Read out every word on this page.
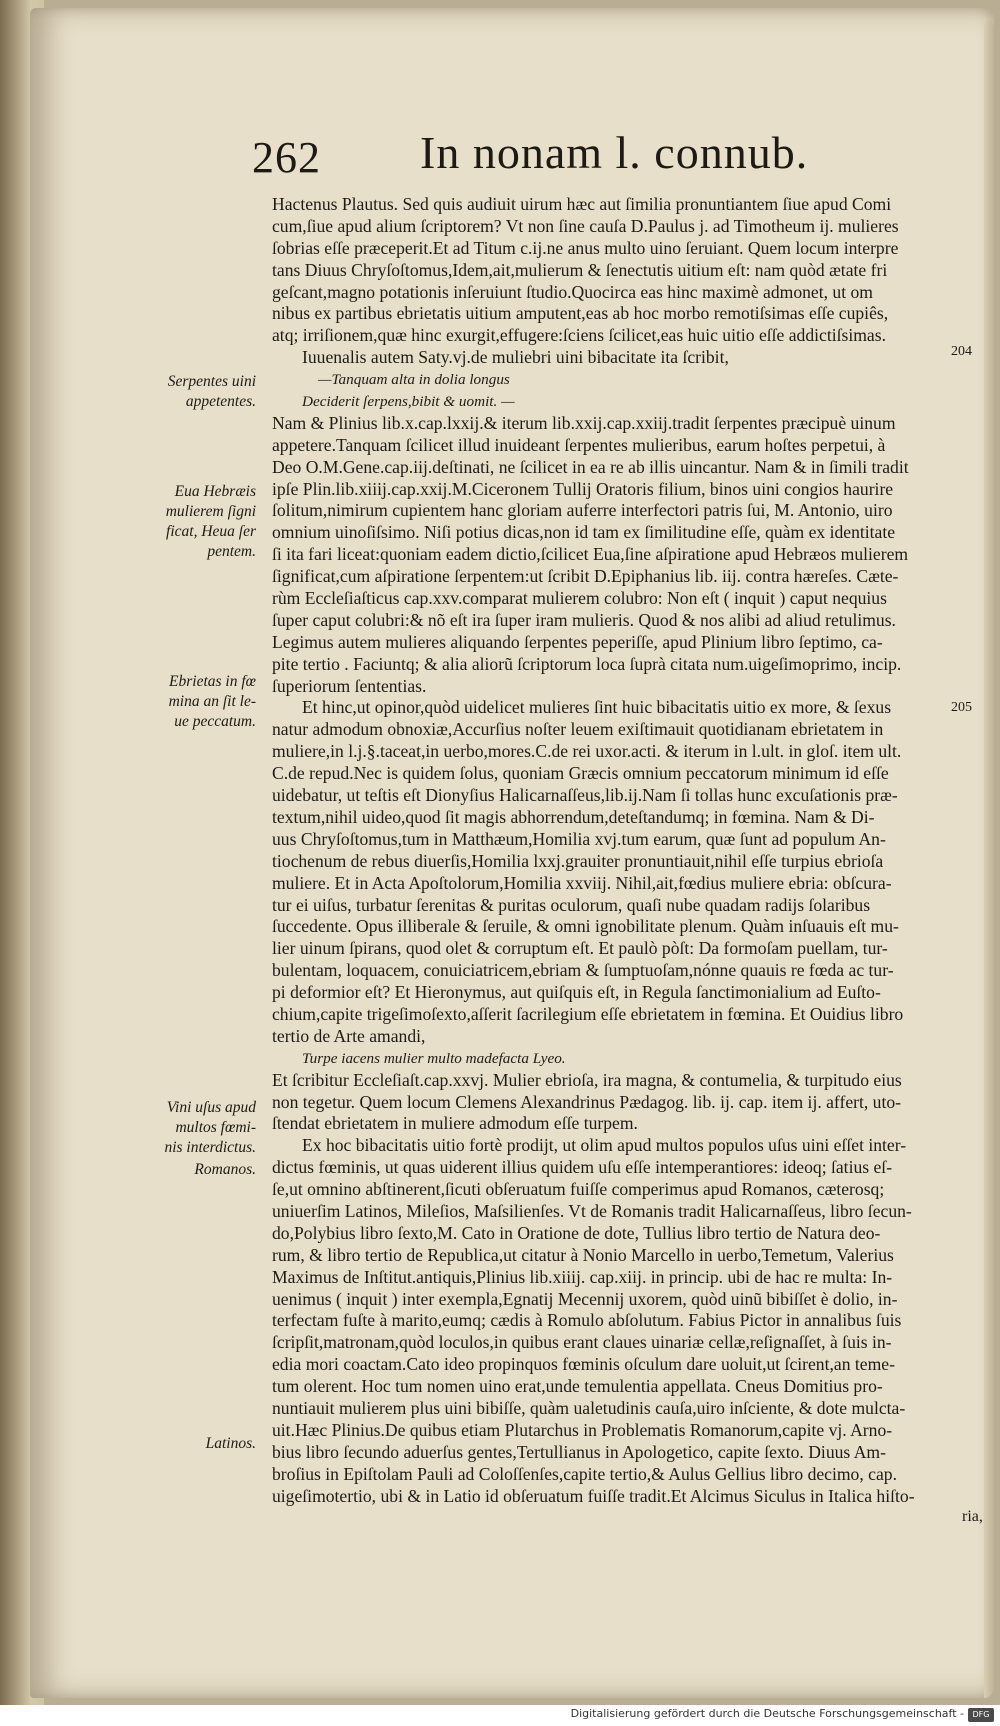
262 In nonam l. connub.
Hactenus Plautus. Sed quis audiuit uirum hæc aut ſimilia pronuntiantem ſiue apud Comi
cum,ſiue apud alium ſcriptorem? Vt non ſine cauſa D.Paulus j. ad Timotheum ij. mulieres
ſobrias eſſe præceperit.Et ad Titum c.ij.ne anus multo uino ſeruiant. Quem locum interpre
tans Diuus Chryſoſtomus,Idem,ait,mulierum & ſenectutis uitium eſt: nam quòd ætate fri
geſcant,magno potationis inſeruiunt ſtudio.Quocirca eas hinc maximè admonet, ut om
nibus ex partibus ebrietatis uitium amputent,eas ab hoc morbo remotiſsimas eſſe cupiês,
atq; irriſionem,quæ hinc exurgit,effugere:ſciens ſcilicet,eas huic uitio eſſe addictiſsimas.
Iuuenalis autem Saty.vj.de muliebri uini bibacitate ita ſcribit,
—Tanquam alta in dolia longus
Deciderit ſerpens,bibit & uomit. —
Nam & Plinius lib.x.cap.lxxij.& iterum lib.xxij.cap.xxiij.tradit ſerpentes præcipuè uinum
appetere.Tanquam ſcilicet illud inuideant ſerpentes mulieribus, earum hoſtes perpetui, à
Deo O.M.Gene.cap.iij.deſtinati, ne ſcilicet in ea re ab illis uincantur. Nam & in ſimili tradit
ipſe Plin.lib.xiiij.cap.xxij.M.Ciceronem Tullij Oratoris filium, binos uini congios haurire
ſolitum,nimirum cupientem hanc gloriam auferre interfectori patris ſui, M. Antonio, uiro
omnium uinoſiſsimo. Niſi potius dicas,non id tam ex ſimilitudine eſſe, quàm ex identitate
ſi ita fari liceat:quoniam eadem dictio,ſcilicet Eua,ſine aſpiratione apud Hebræos mulierem
ſignificat,cum aſpiratione ſerpentem:ut ſcribit D.Epiphanius lib. iij. contra hæreſes. Cæte-
rùm Eccleſiaſticus cap.xxv.comparat mulierem colubro: Non eſt ( inquit ) caput nequius
ſuper caput colubri:& nõ eſt ira ſuper iram mulieris. Quod & nos alibi ad aliud retulimus.
Legimus autem mulieres aliquando ſerpentes peperiſſe, apud Plinium libro ſeptimo, ca-
pite tertio . Faciuntq; & alia aliorũ ſcriptorum loca ſuprà citata num.uigeſimoprimo, incip.
ſuperiorum ſententias.
Et hinc,ut opinor,quòd uidelicet mulieres ſint huic bibacitatis uitio ex more, & ſexus
natur admodum obnoxiæ,Accurſius noſter leuem exiſtimauit quotidianam ebrietatem in
muliere,in l.j.§.taceat,in uerbo,mores.C.de rei uxor.acti. & iterum in l.ult. in gloſ. item ult.
C.de repud.Nec is quidem ſolus, quoniam Græcis omnium peccatorum minimum id eſſe
uidebatur, ut teſtis eſt Dionyſius Halicarnaſſeus,lib.ij.Nam ſi tollas hunc excuſationis præ-
textum,nihil uideo,quod ſit magis abhorrendum,deteſtandumq; in fœmina. Nam & Di-
uus Chryſoſtomus,tum in Matthæum,Homilia xvj.tum earum, quæ ſunt ad populum An-
tiochenum de rebus diuerſis,Homilia lxxj.grauiter pronuntiauit,nihil eſſe turpius ebrioſa
muliere. Et in Acta Apoſtolorum,Homilia xxviij. Nihil,ait,fœdius muliere ebria: obſcura-
tur ei uiſus, turbatur ſerenitas & puritas oculorum, quaſi nube quadam radijs ſolaribus
ſuccedente. Opus illiberale & ſeruile, & omni ignobilitate plenum. Quàm inſuauis eſt mu-
lier uinum ſpirans, quod olet & corruptum eſt. Et paulò pòſt: Da formoſam puellam, tur-
bulentam, loquacem, conuiciatricem,ebriam & ſumptuoſam,nónne quauis re fœda ac tur-
pi deformior eſt? Et Hieronymus, aut quiſquis eſt, in Regula ſanctimonialium ad Euſto-
chium,capite trigeſimoſexto,aſſerit ſacrilegium eſſe ebrietatem in fœmina. Et Ouidius libro
tertio de Arte amandi,
Turpe iacens mulier multo madefacta Lyeo.
Et ſcribitur Eccleſiaſt.cap.xxvj. Mulier ebrioſa, ira magna, & contumelia, & turpitudo eius
non tegetur. Quem locum Clemens Alexandrinus Pædagog. lib. ij. cap. item ij. affert, uto-
ſtendat ebrietatem in muliere admodum eſſe turpem.
Ex hoc bibacitatis uitio fortè prodijt, ut olim apud multos populos uſus uini eſſet inter-
dictus fœminis, ut quas uiderent illius quidem uſu eſſe intemperantiores: ideoq; ſatius eſ-
ſe,ut omnino abſtinerent,ſicuti obſeruatum fuiſſe comperimus apud Romanos, cæterosq;
uniuerſim Latinos, Mileſios, Maſsilienſes. Vt de Romanis tradit Halicarnaſſeus, libro ſecun-
do,Polybius libro ſexto,M. Cato in Oratione de dote, Tullius libro tertio de Natura deo-
rum, & libro tertio de Republica,ut citatur à Nonio Marcello in uerbo,Temetum, Valerius
Maximus de Inſtitut.antiquis,Plinius lib.xiiij. cap.xiij. in princip. ubi de hac re multa: In-
uenimus ( inquit ) inter exempla,Egnatij Mecennij uxorem, quòd uinũ bibiſſet è dolio, in-
terfectam fuſte à marito,eumq; cædis à Romulo abſolutum. Fabius Pictor in annalibus ſuis
ſcripſit,matronam,quòd loculos,in quibus erant claues uinariæ cellæ,reſignaſſet, à ſuis in-
edia mori coactam.Cato ideo propinquos fœminis oſculum dare uoluit,ut ſcirent,an teme-
tum olerent. Hoc tum nomen uino erat,unde temulentia appellata. Cneus Domitius pro-
nuntiauit mulierem plus uini bibiſſe, quàm ualetudinis cauſa,uiro inſciente, & dote mulcta-
uit.Hæc Plinius.De quibus etiam Plutarchus in Problematis Romanorum,capite vj. Arno-
bius libro ſecundo aduerſus gentes,Tertullianus in Apologetico, capite ſexto. Diuus Am-
broſius in Epiſtolam Pauli ad Coloſſenſes,capite tertio,& Aulus Gellius libro decimo, cap.
uigeſimotertio, ubi & in Latio id obſeruatum fuiſſe tradit.Et Alcimus Siculus in Italica hiſto-
Serpentes uini
appetentes.
Eua Hebræis
mulierem ſigni
ficat, Heua ſer
pentem.
Ebrietas in fœ
mina an ſit le-
ue peccatum.
Vini uſus apud
multos fœmi-
nis interdictus.
Romanos.
Latinos.
204
205
ria,
Digitalisierung gefördert durch die Deutsche Forschungsgemeinschaft -	DFG
